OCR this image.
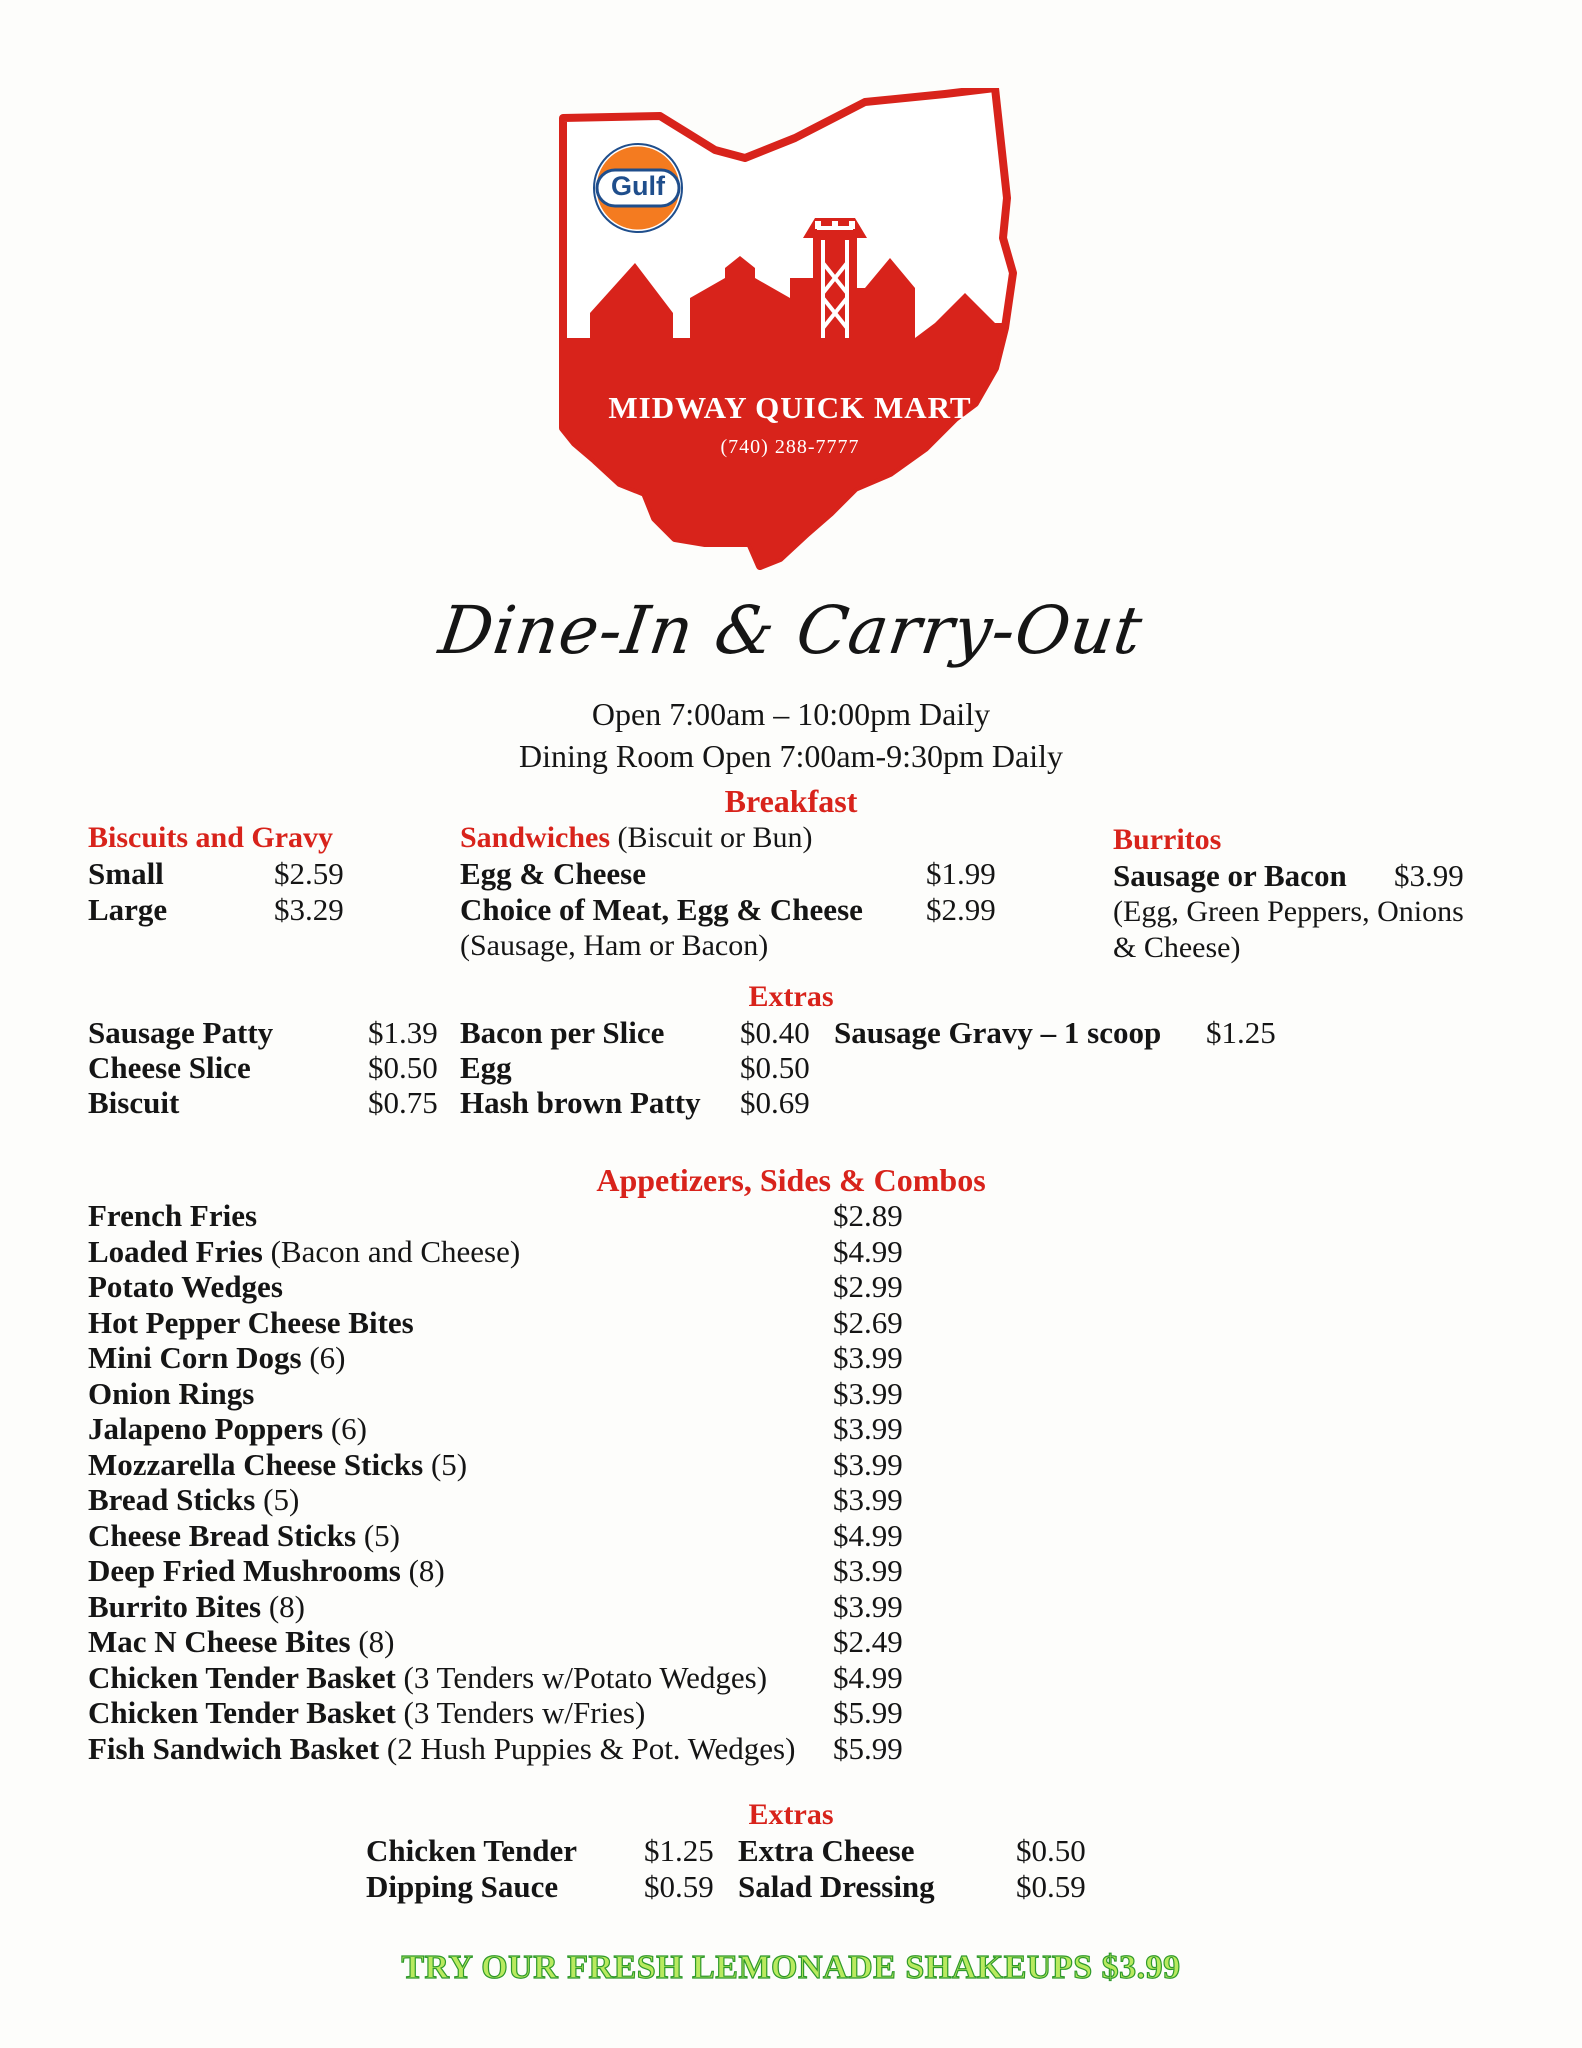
Gulf
MIDWAY QUICK MART
(740) 288-7777
Dine-In & Carry-Out
Open 7:00am – 10:00pm Daily
Dining Room Open 7:00am-9:30pm Daily
Breakfast
Biscuits and Gravy
Small	$2.59
Large	$3.29
Sandwiches (Biscuit or Bun)
Egg & Cheese	$1.99
Choice of Meat, Egg & Cheese $2.99
(Sausage, Ham or Bacon)
Burritos
Sausage or Bacon $3.99
(Egg, Green Peppers, Onions
& Cheese)
Extras
Sausage Patty	$1.39
Cheese Slice	$0.50
Biscuit	$0.75
Bacon per Slice $0.40
Egg	$0.50
Hash brown Patty $0.69
Sausage Gravy – 1 scoop $1.25
Appetizers, Sides & Combos
French Fries	$2.89
Loaded Fries (Bacon and Cheese)	$4.99
Potato Wedges	$2.99
Hot Pepper Cheese Bites	$2.69
Mini Corn Dogs (6)	$3.99
Onion Rings	$3.99
Jalapeno Poppers (6)	$3.99
Mozzarella Cheese Sticks (5)	$3.99
Bread Sticks (5)	$3.99
Cheese Bread Sticks (5)	$4.99
Deep Fried Mushrooms (8)	$3.99
Burrito Bites (8)	$3.99
Mac N Cheese Bites (8)	$2.49
Chicken Tender Basket (3 Tenders w/Potato Wedges)	$4.99
Chicken Tender Basket (3 Tenders w/Fries)	$5.99
Fish Sandwich Basket (2 Hush Puppies & Pot. Wedges)	$5.99
Extras
Chicken Tender $1.25
Dipping Sauce	$0.59
Extra Cheese	$0.50
Salad Dressing	$0.59
TRY OUR FRESH LEMONADE SHAKEUPS $3.99
